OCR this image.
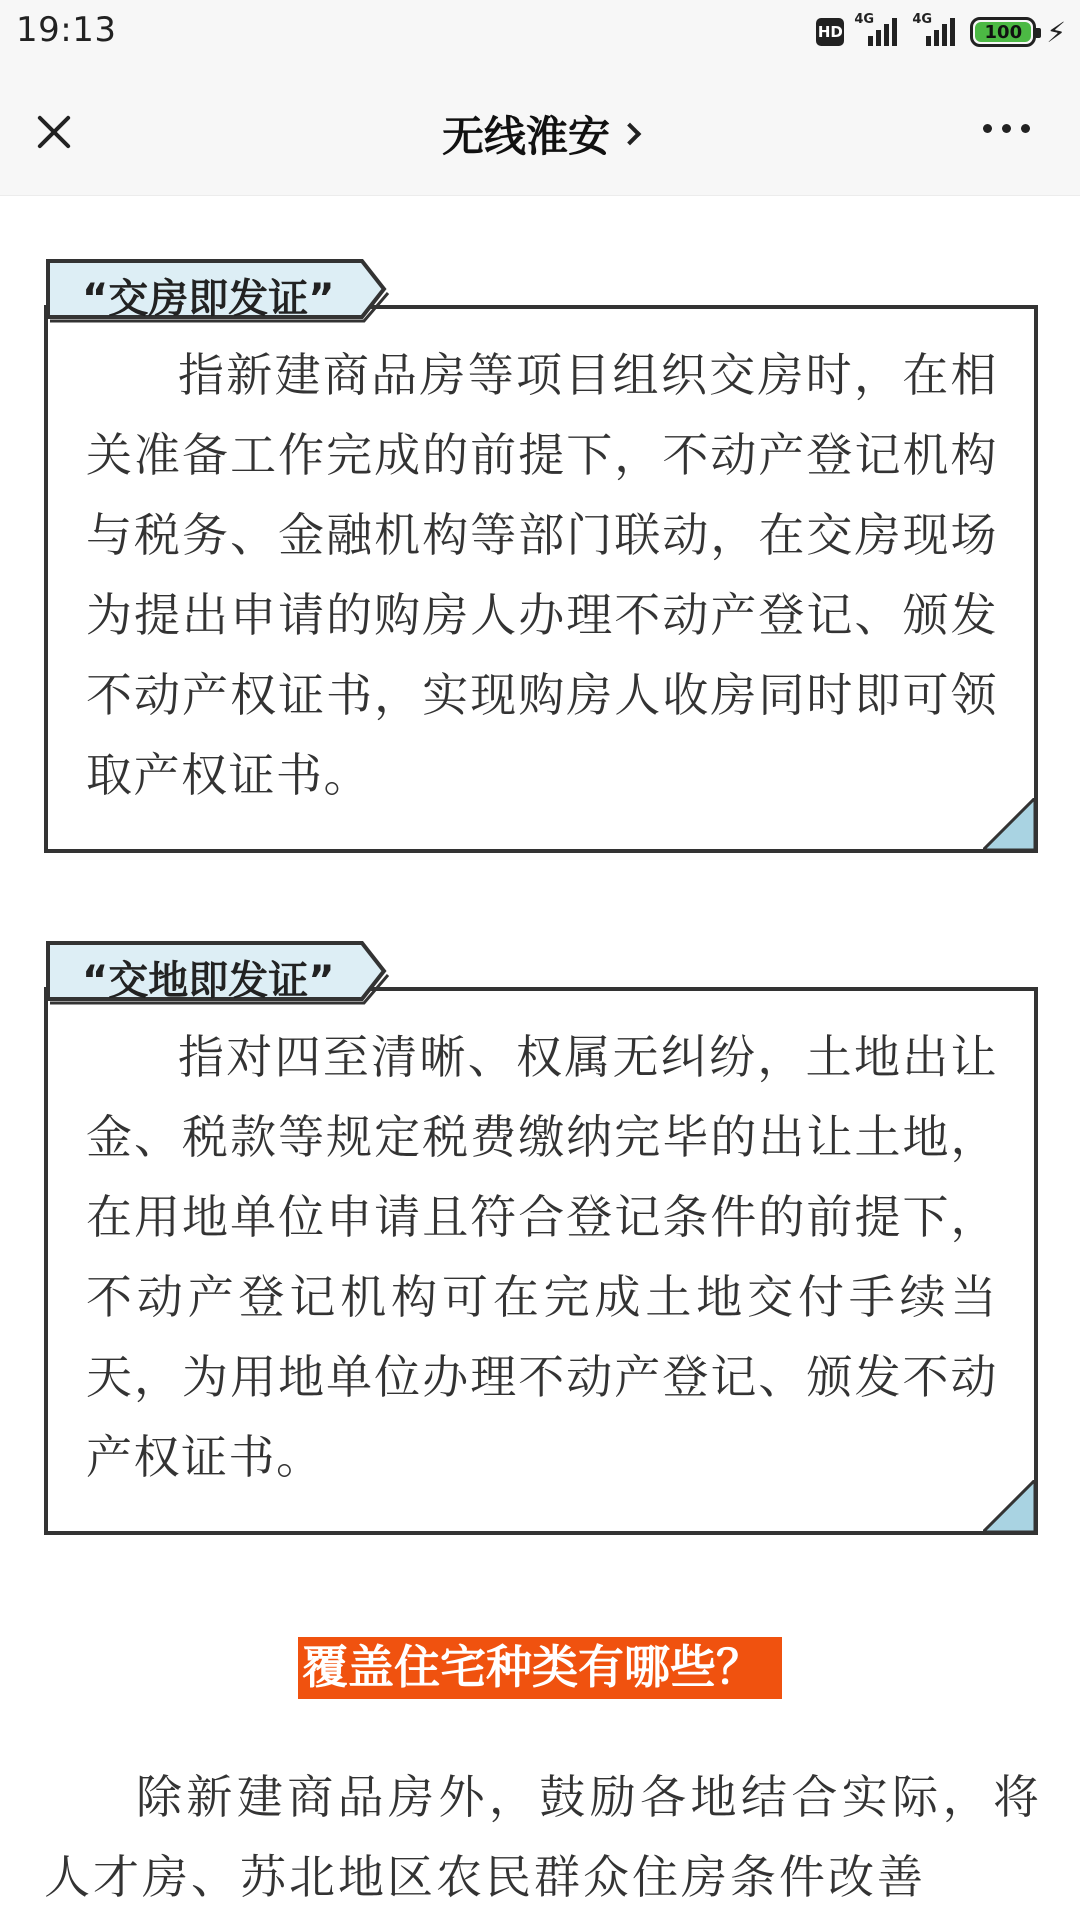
19:13	HD
4G	4G
100 ⚡
无线淮安
“交房即发证”

指新建商品房等项目组织交房时，在相关准备工作完成的前提下，不动产登记机构与税务、金融机构等部门联动，在交房现场为提出申请的购房人办理不动产登记、颁发不动产权证书，实现购房人收房同时即可领取产权证书。

“交地即发证”

指对四至清晰、权属无纠纷，土地出让金、税款等规定税费缴纳完毕的出让土地，在用地单位申请且符合登记条件的前提下，不动产登记机构可在完成土地交付手续当天，为用地单位办理不动产登记、颁发不动产权证书。

覆盖住宅种类有哪些？

除新建商品房外，鼓励各地结合实际，将人才房、苏北地区农民群众住房条件改善
